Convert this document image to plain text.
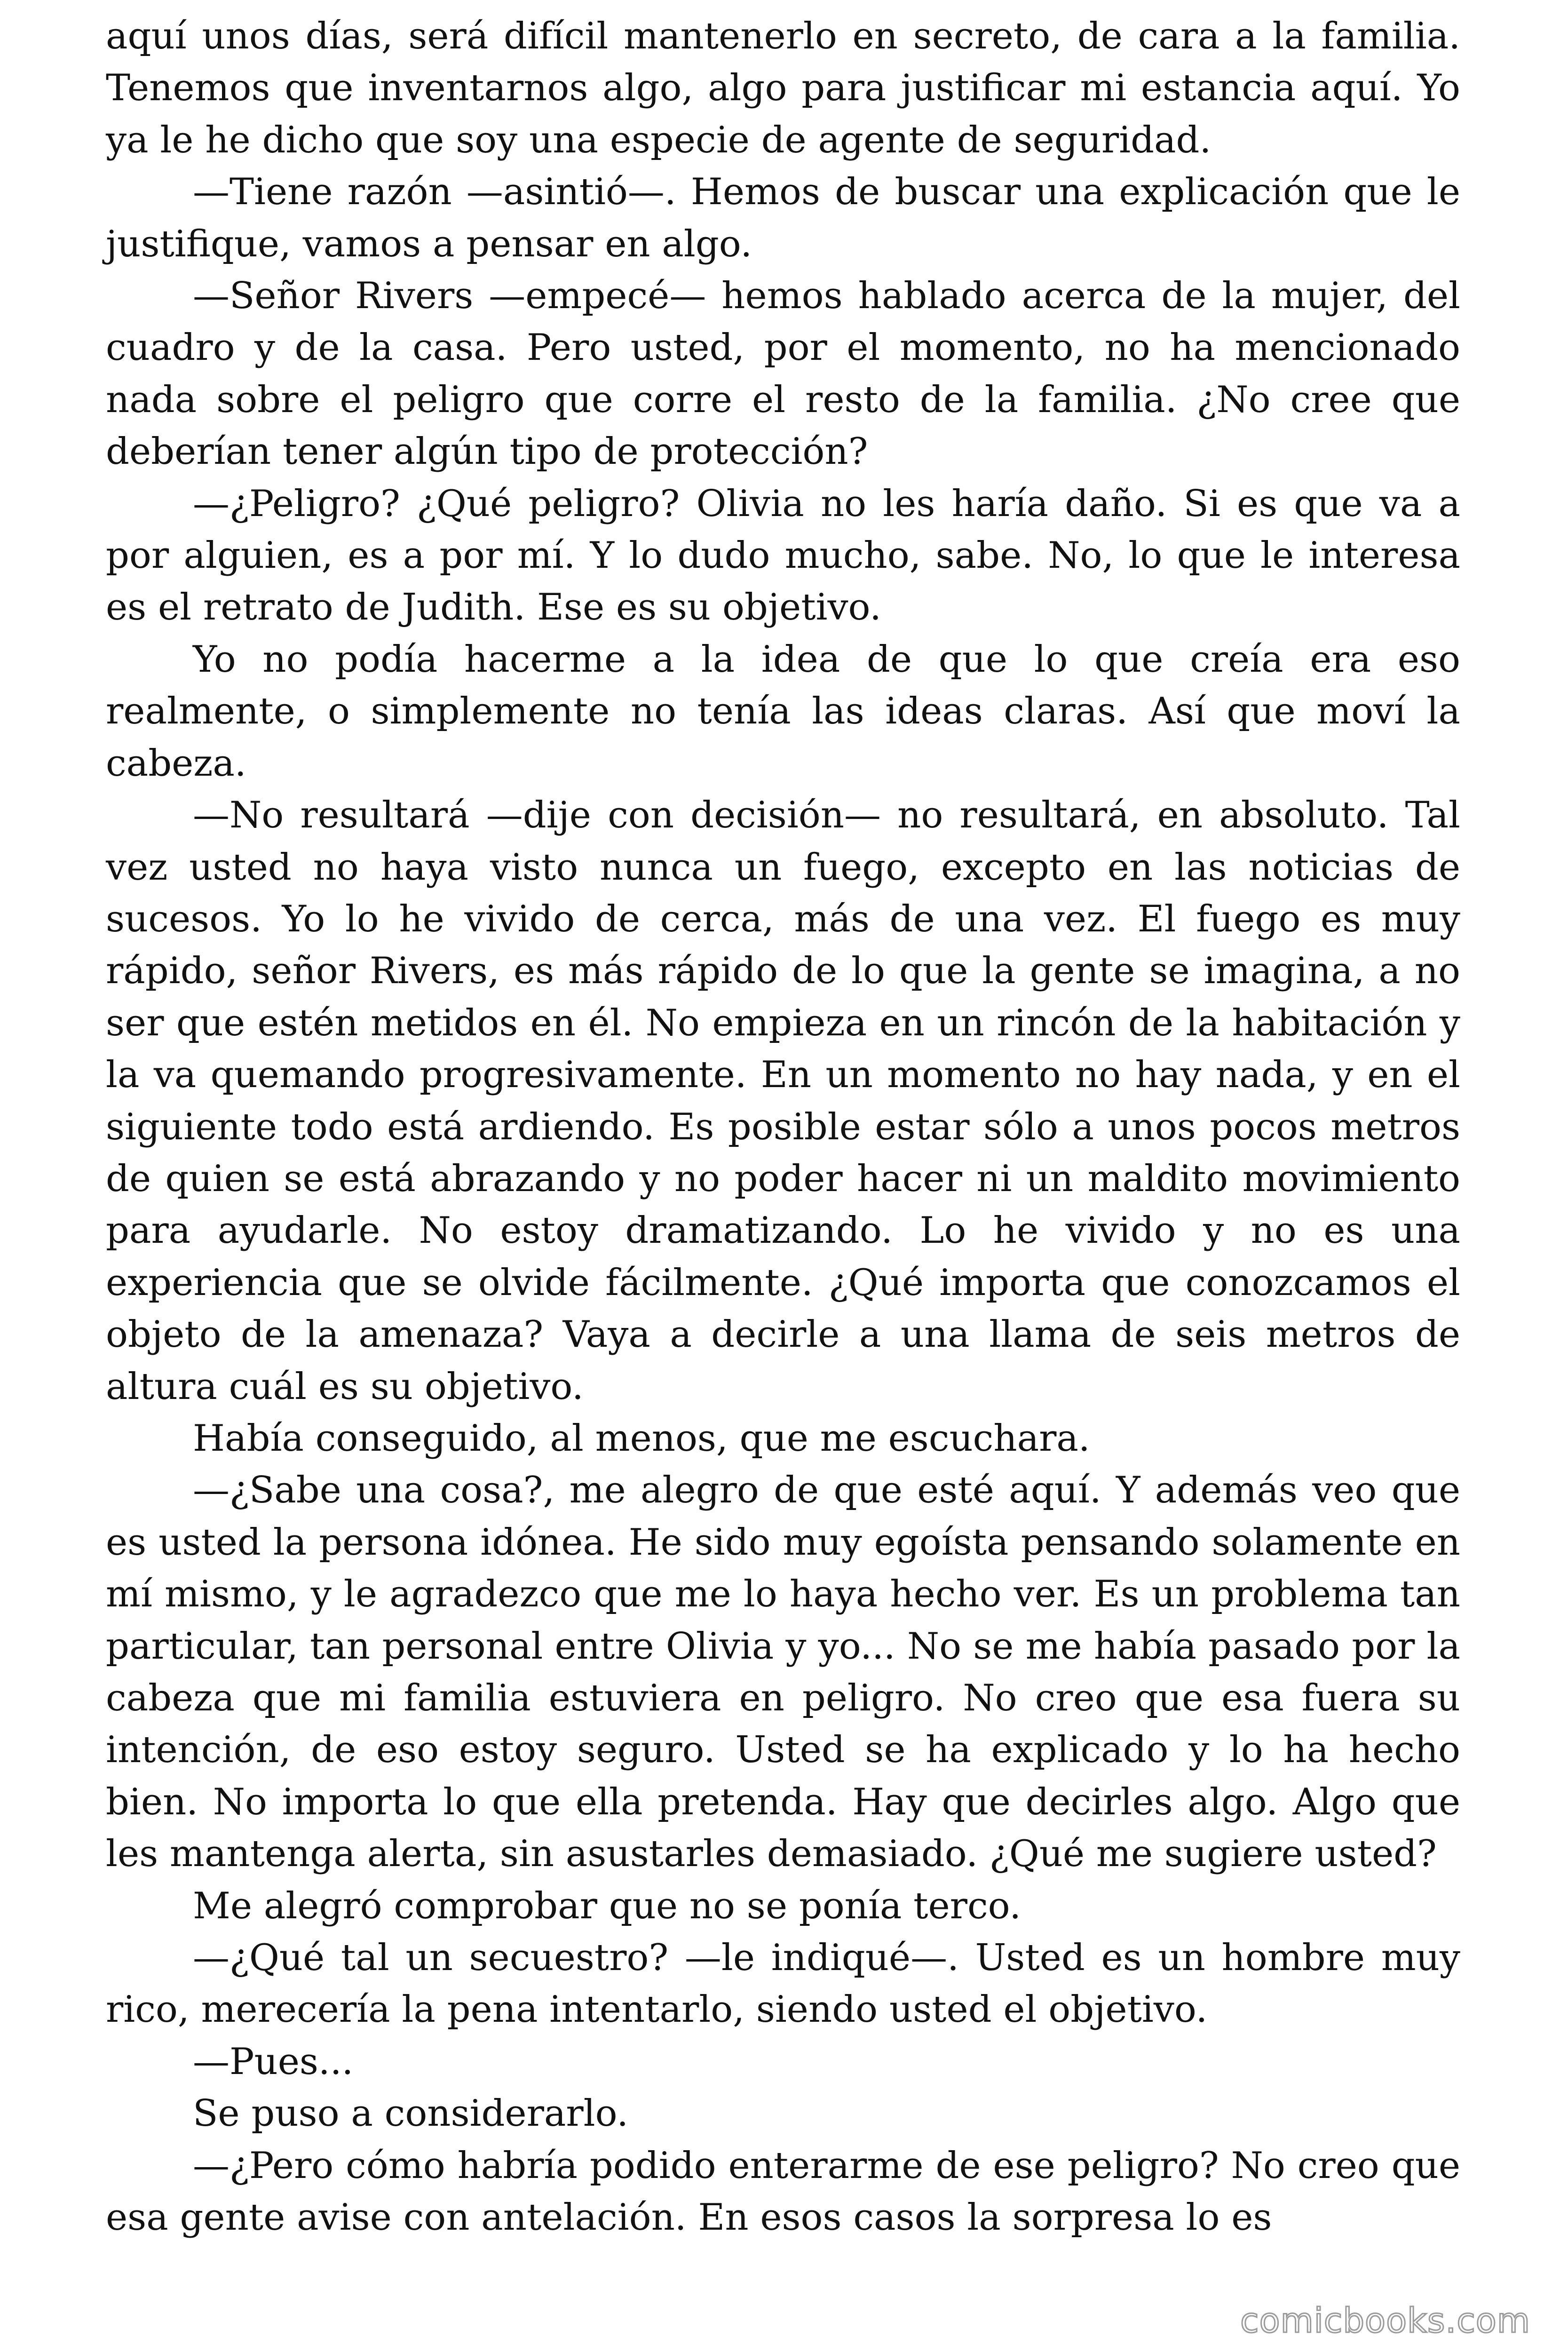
aquí unos días, será difícil mantenerlo en secreto, de cara a la familia. Tenemos que inventarnos algo, algo para justificar mi estancia aquí. Yo ya le he dicho que soy una especie de agente de seguridad.

—Tiene razón —asintió—. Hemos de buscar una explicación que le justifique, vamos a pensar en algo.

—Señor Rivers —empecé— hemos hablado acerca de la mujer, del cuadro y de la casa. Pero usted, por el momento, no ha mencionado nada sobre el peligro que corre el resto de la familia. ¿No cree que deberían tener algún tipo de protección?

—¿Peligro? ¿Qué peligro? Olivia no les haría daño. Si es que va a por alguien, es a por mí. Y lo dudo mucho, sabe. No, lo que le interesa es el retrato de Judith. Ese es su objetivo.

Yo no podía hacerme a la idea de que lo que creía era eso realmente, o simplemente no tenía las ideas claras. Así que moví la cabeza.

—No resultará —dije con decisión— no resultará, en absoluto. Tal vez usted no haya visto nunca un fuego, excepto en las noticias de sucesos. Yo lo he vivido de cerca, más de una vez. El fuego es muy rápido, señor Rivers, es más rápido de lo que la gente se imagina, a no ser que estén metidos en él. No empieza en un rincón de la habitación y la va quemando progresivamente. En un momento no hay nada, y en el siguiente todo está ardiendo. Es posible estar sólo a unos pocos metros de quien se está abrazando y no poder hacer ni un maldito movimiento para ayudarle. No estoy dramatizando. Lo he vivido y no es una experiencia que se olvide fácilmente. ¿Qué importa que conozcamos el objeto de la amenaza? Vaya a decirle a una llama de seis metros de altura cuál es su objetivo.

Había conseguido, al menos, que me escuchara.

—¿Sabe una cosa?, me alegro de que esté aquí. Y además veo que es usted la persona idónea. He sido muy egoísta pensando solamente en mí mismo, y le agradezco que me lo haya hecho ver. Es un problema tan particular, tan personal entre Olivia y yo... No se me había pasado por la cabeza que mi familia estuviera en peligro. No creo que esa fuera su intención, de eso estoy seguro. Usted se ha explicado y lo ha hecho bien. No importa lo que ella pretenda. Hay que decirles algo. Algo que les mantenga alerta, sin asustarles demasiado. ¿Qué me sugiere usted?

Me alegró comprobar que no se ponía terco.

—¿Qué tal un secuestro? —le indiqué—. Usted es un hombre muy rico, merecería la pena intentarlo, siendo usted el objetivo.

—Pues...

Se puso a considerarlo.

—¿Pero cómo habría podido enterarme de ese peligro? No creo que esa gente avise con antelación. En esos casos la sorpresa lo es

comicbooks.com
